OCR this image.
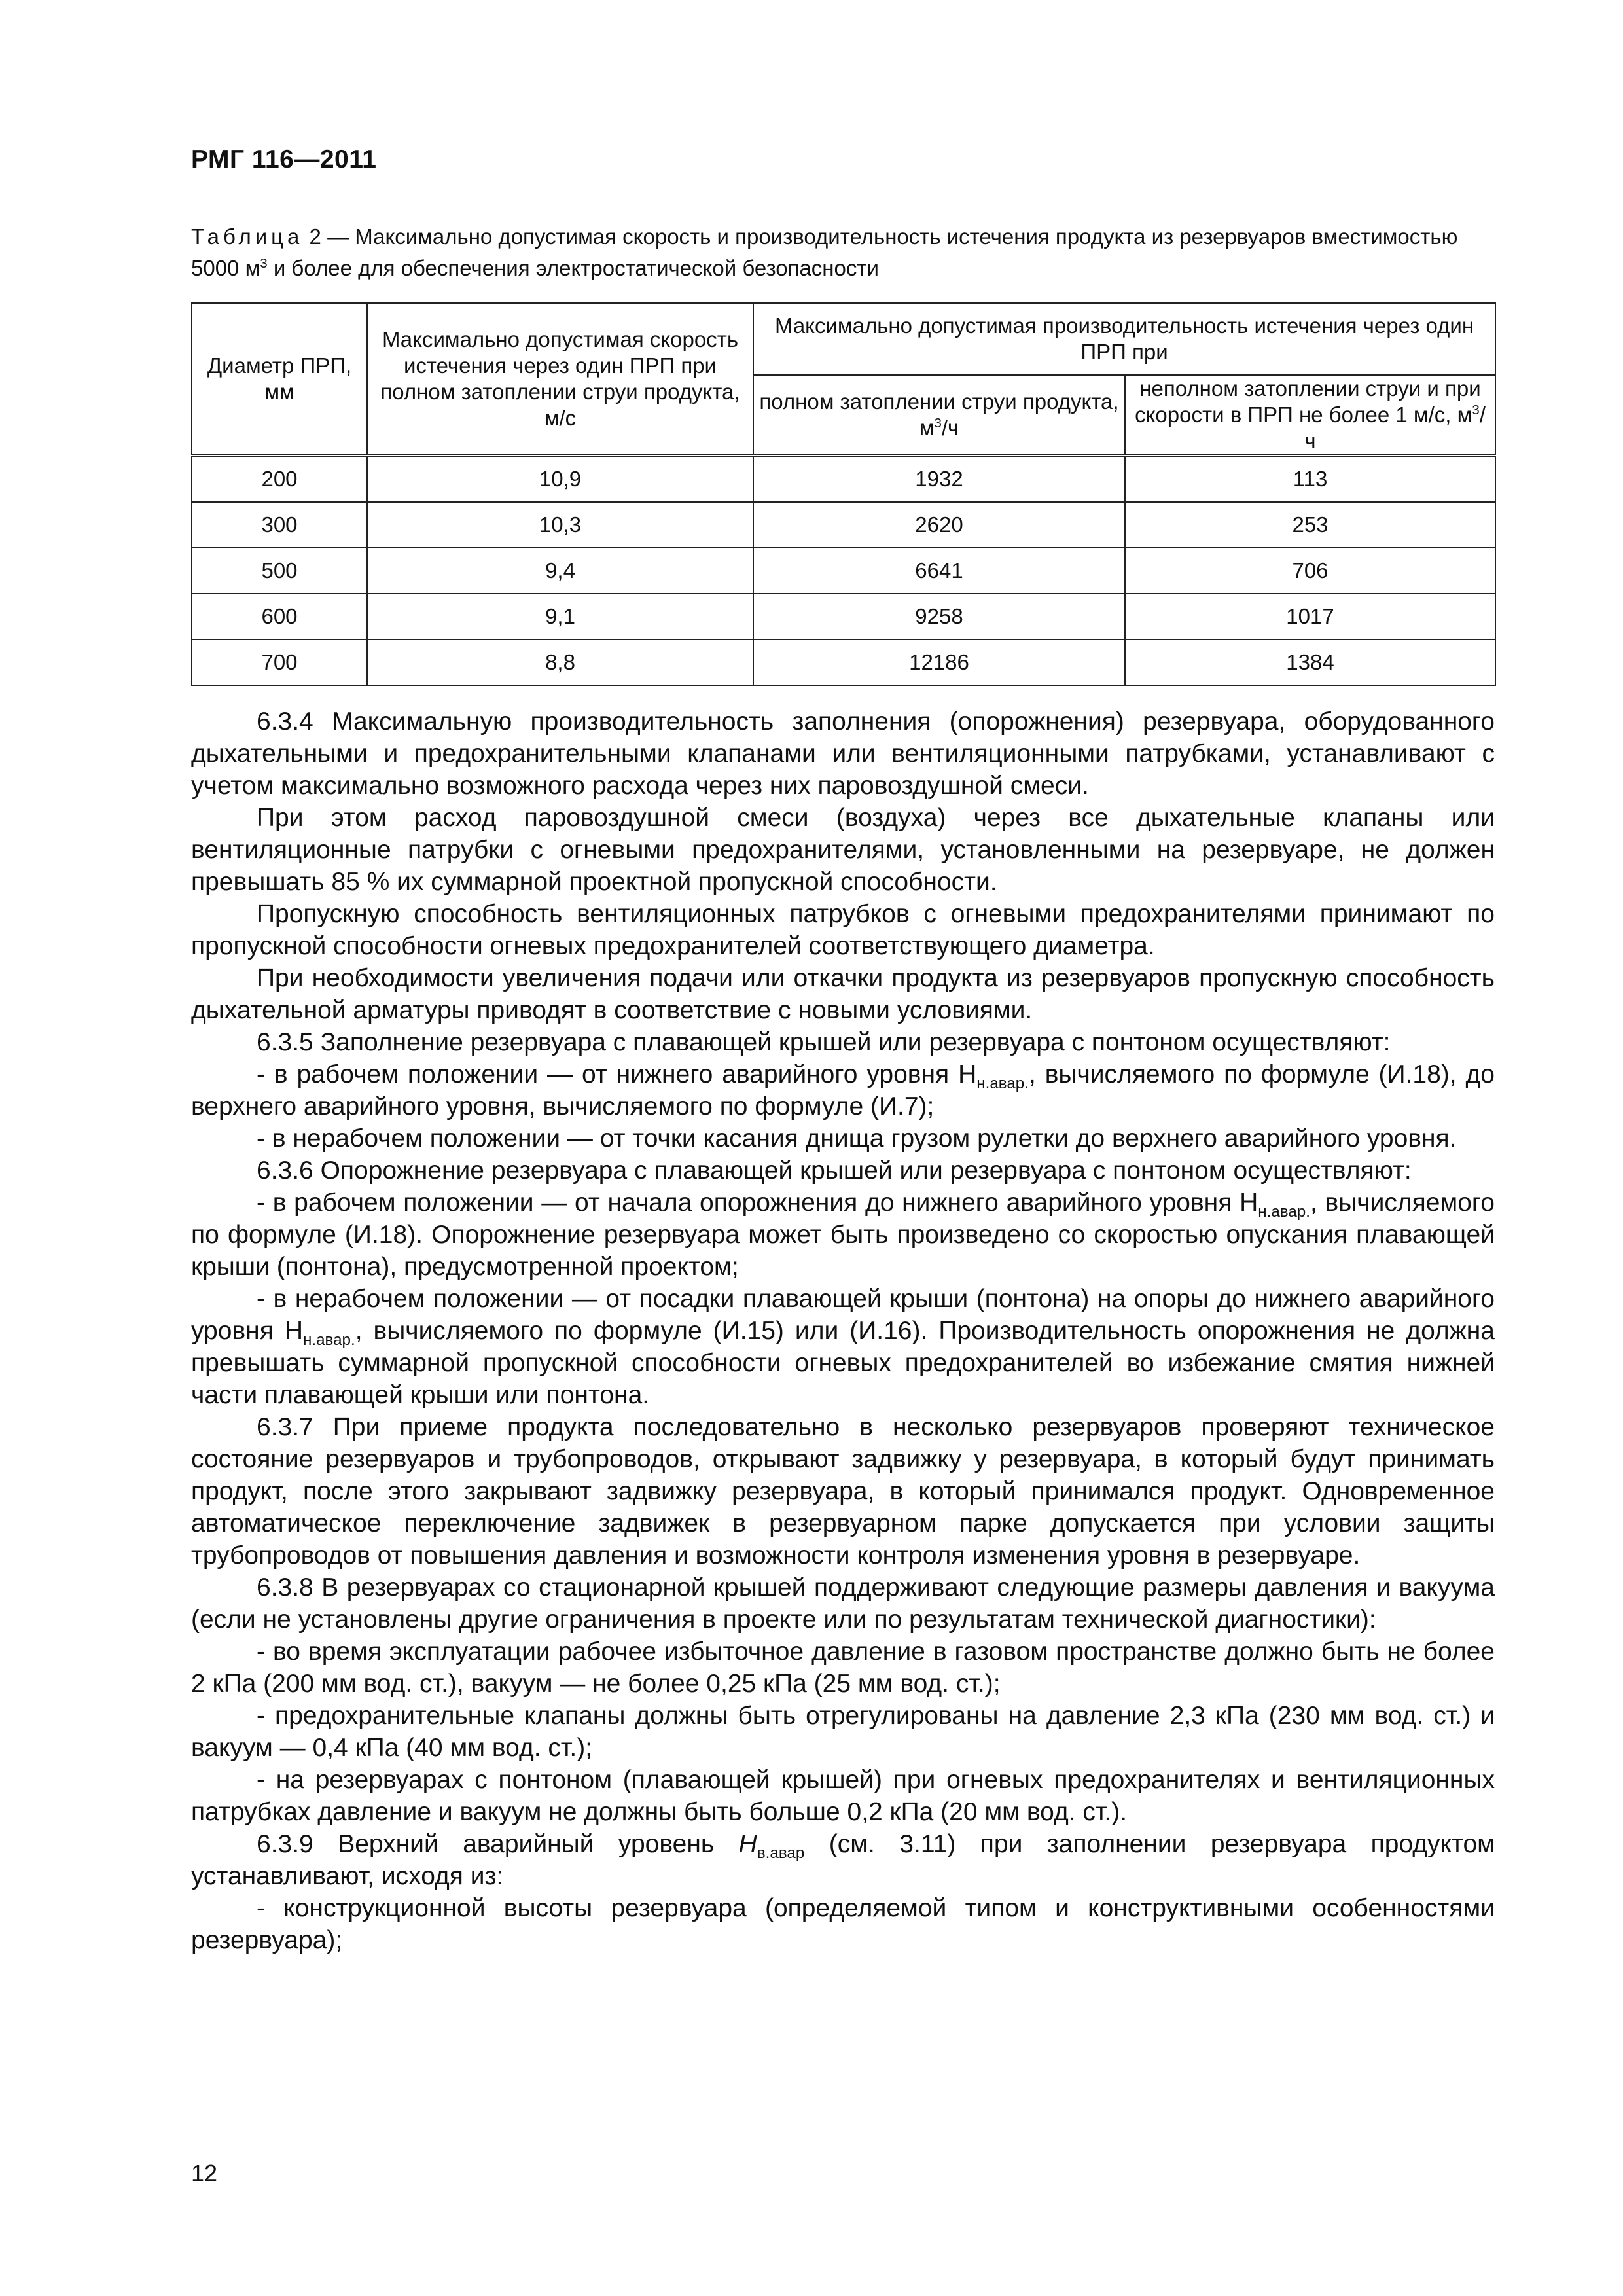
РМГ 116—2011
Таблица 2 — Максимально допустимая скорость и производительность истечения продукта из резервуаров вместимостью 5000 $м^3$ и более для обеспечения электростатической безопасности
Диаметр ПРП, мм	Максимально допустимая скорость истечения через один ПРП при полном затоплении струи продукта, м/с	Максимально допустимая производительность истечения через один ПРП при	
		полном затоплении струи продукта, $м^3/ч$	неполном затоплении струи и при скорости в ПРП не более 1 м/с, $м^3/ч$
200	10,9	1932	113
300	10,3	2620	253
500	9,4	6641	706
600	9,1	9258	1017
700	8,8	12186	1384

6.3.4 Максимальную производительность заполнения (опорожнения) резервуара, оборудованного дыхательными и предохранительными клапанами или вентиляционными патрубками, устанавливают с учетом максимально возможного расхода через них паровоздушной смеси.

При этом расход паровоздушной смеси (воздуха) через все дыхательные клапаны или вентиляционные патрубки с огневыми предохранителями, установленными на резервуаре, не должен превышать 85 % их суммарной проектной пропускной способности.

Пропускную способность вентиляционных патрубков с огневыми предохранителями принимают по пропускной способности огневых предохранителей соответствующего диаметра.

При необходимости увеличения подачи или откачки продукта из резервуаров пропускную способность дыхательной арматуры приводят в соответствие с новыми условиями.

6.3.5 Заполнение резервуара с плавающей крышей или резервуара с понтоном осуществляют:

- в рабочем положении — от нижнего аварийного уровня $Н_{н.авар.}$, вычисляемого по формуле (И.18), до верхнего аварийного уровня, вычисляемого по формуле (И.7);

- в нерабочем положении — от точки касания днища грузом рулетки до верхнего аварийного уровня.

6.3.6 Опорожнение резервуара с плавающей крышей или резервуара с понтоном осуществляют:

- в рабочем положении — от начала опорожнения до нижнего аварийного уровня $Н_{н.авар.}$, вычисляемого по формуле (И.18). Опорожнение резервуара может быть произведено со скоростью опускания плавающей крыши (понтона), предусмотренной проектом;

- в нерабочем положении — от посадки плавающей крыши (понтона) на опоры до нижнего аварийного уровня $Н_{н.авар.}$, вычисляемого по формуле (И.15) или (И.16). Производительность опорожнения не должна превышать суммарной пропускной способности огневых предохранителей во избежание смятия нижней части плавающей крыши или понтона.

6.3.7 При приеме продукта последовательно в несколько резервуаров проверяют техническое состояние резервуаров и трубопроводов, открывают задвижку у резервуара, в который будут принимать продукт, после этого закрывают задвижку резервуара, в который принимался продукт. Одновременное автоматическое переключение задвижек в резервуарном парке допускается при условии защиты трубопроводов от повышения давления и возможности контроля изменения уровня в резервуаре.

6.3.8 В резервуарах со стационарной крышей поддерживают следующие размеры давления и вакуума (если не установлены другие ограничения в проекте или по результатам технической диагностики):

- во время эксплуатации рабочее избыточное давление в газовом пространстве должно быть не более 2 кПа (200 мм вод. ст.), вакуум — не более 0,25 кПа (25 мм вод. ст.);

- предохранительные клапаны должны быть отрегулированы на давление 2,3 кПа (230 мм вод. ст.) и вакуум — 0,4 кПа (40 мм вод. ст.);

- на резервуарах с понтоном (плавающей крышей) при огневых предохранителях и вентиляционных патрубках давление и вакуум не должны быть больше 0,2 кПа (20 мм вод. ст.).

6.3.9 Верхний аварийный уровень $Н_{в.авар}$ (см. 3.11) при заполнении резервуара продуктом устанавливают, исходя из:

- конструкционной высоты резервуара (определяемой типом и конструктивными особенностями резервуара);

12
